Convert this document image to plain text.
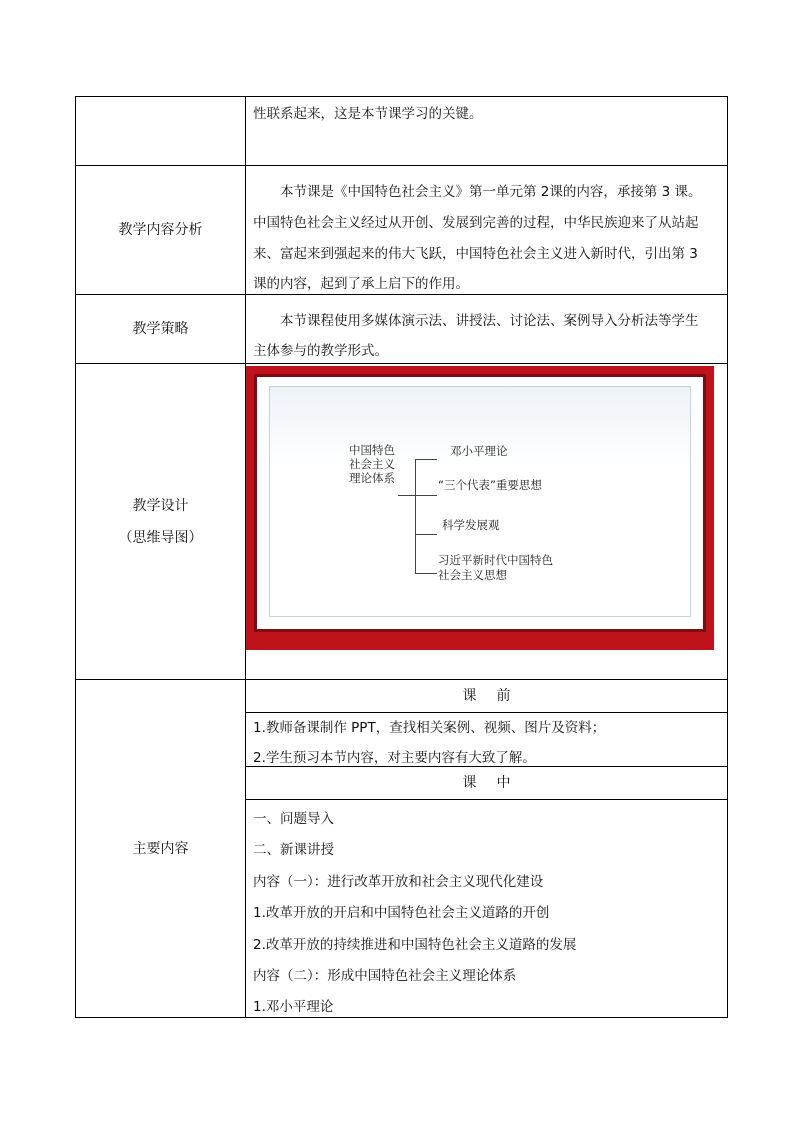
性联系起来，这是本节课学习的关键。
教学内容分析
本节课是《中国特色社会主义》第一单元第 2课的内容，承接第 3 课。
中国特色社会主义经过从开创、发展到完善的过程，中华民族迎来了从站起
来、富起来到强起来的伟大飞跃，中国特色社会主义进入新时代，引出第 3
课的内容，起到了承上启下的作用。
教学策略	本节课程使用多媒体演示法、讲授法、讨论法、案例导入分析法等学生
主体参与的教学形式。
教学设计
（思维导图）
中国特色社会主义理论体系
邓小平理论
“三个代表”重要思想
科学发展观
习近平新时代中国特色社会主义思想
主要内容
课前
1.教师备课制作 PPT，查找相关案例、视频、图片及资料；
2.学生预习本节内容，对主要内容有大致了解。
课中
一、问题导入
二、新课讲授
内容（一）：进行改革开放和社会主义现代化建设
1.改革开放的开启和中国特色社会主义道路的开创
2.改革开放的持续推进和中国特色社会主义道路的发展
内容（二）：形成中国特色社会主义理论体系
1.邓小平理论
